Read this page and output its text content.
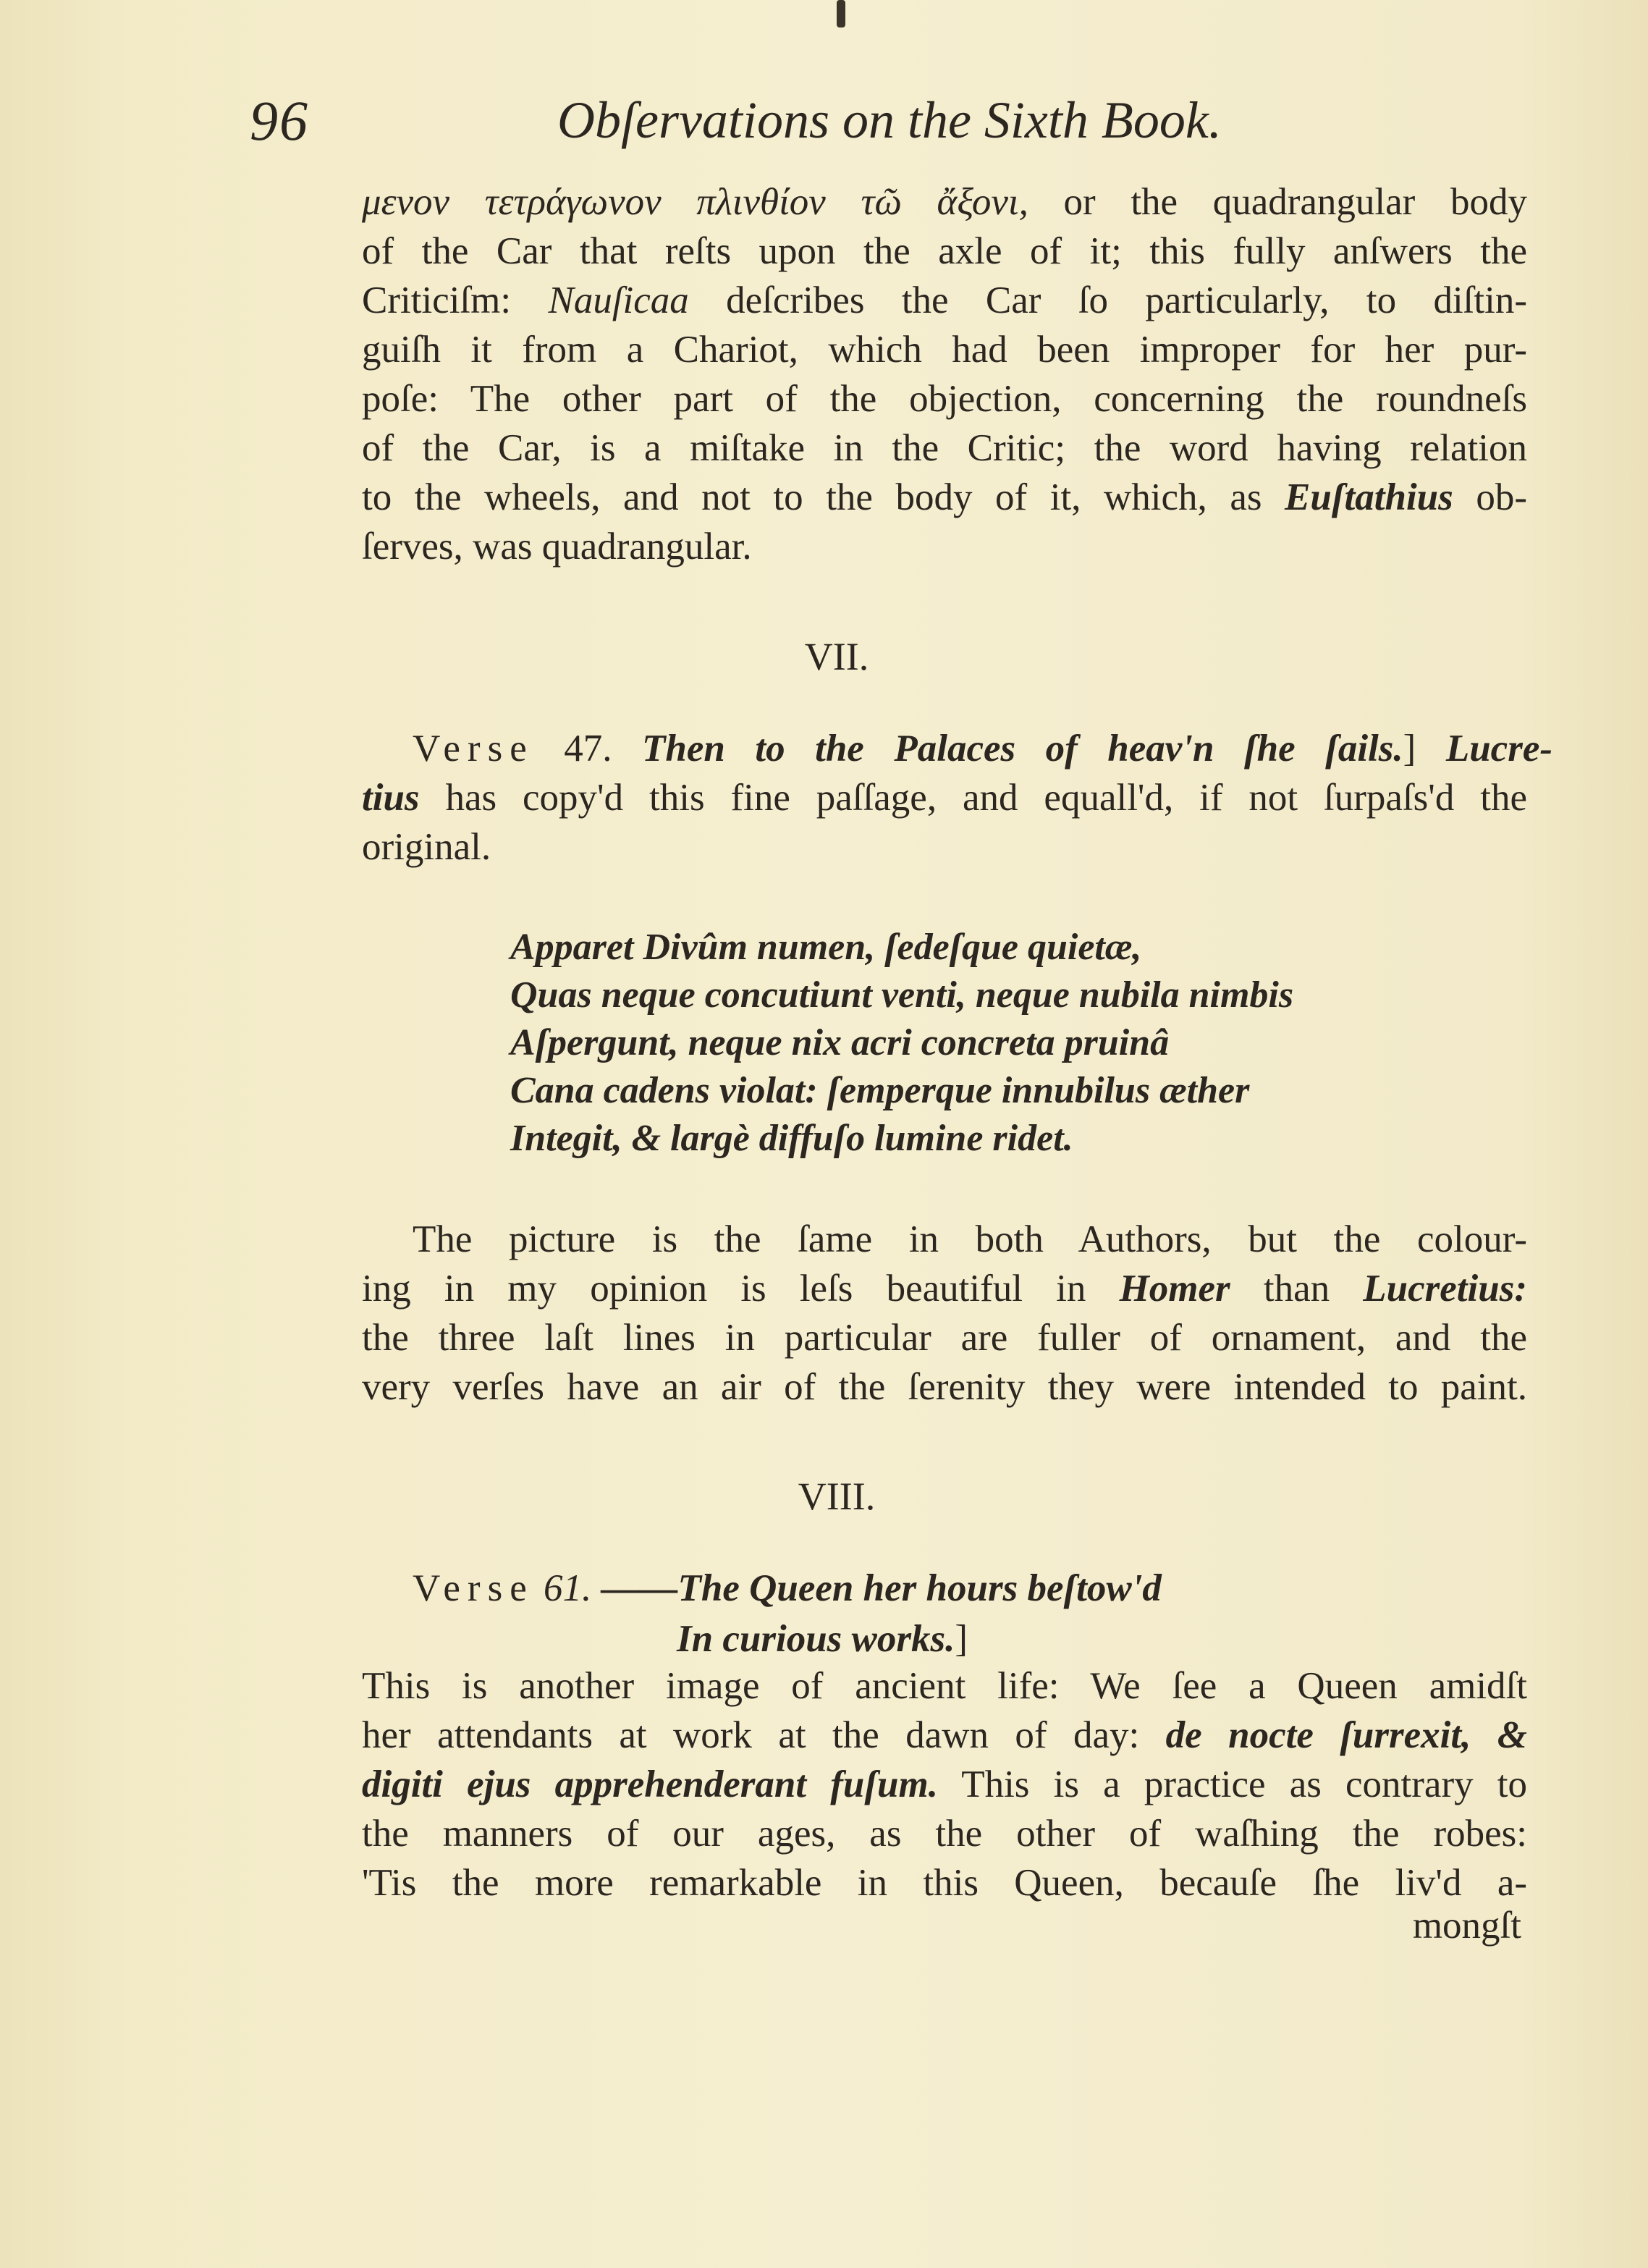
96	Obſervations on the Sixth Book.
μενον τετράγωνον πλινθίον τῶ ἄξονι, or the quadrangular body
of the Car that reſts upon the axle of it; this fully anſwers the
Criticiſm: Nauſicaa deſcribes the Car ſo particularly, to diſtin-
guiſh it from a Chariot, which had been improper for her pur-
poſe: The other part of the objection, concerning the roundneſs
of the Car, is a miſtake in the Critic; the word having relation
to the wheels, and not to the body of it, which, as Euſtathius ob-
ſerves, was quadrangular.
VII.
Verse 47. Then to the Palaces of heav'n ſhe ſails.] Lucre-
tius has copy'd this fine paſſage, and equall'd, if not ſurpaſs'd the
original.
Apparet Divûm numen, ſedeſque quietæ,
Quas neque concutiunt venti, neque nubila nimbis
Aſpergunt, neque nix acri concreta pruinâ
Cana cadens violat: ſemperque innubilus æther
Integit, & largè diffuſo lumine ridet.
The picture is the ſame in both Authors, but the colour-
ing in my opinion is leſs beautiful in Homer than Lucretius:
the three laſt lines in particular are fuller of ornament, and the
very verſes have an air of the ſerenity they were intended to paint.
VIII.
Verse 61. ——The Queen her hours beſtow'd
In curious works.]
This is another image of ancient life: We ſee a Queen amidſt
her attendants at work at the dawn of day: de nocte ſurrexit, &
digiti ejus apprehenderant fuſum. This is a practice as contrary to
the manners of our ages, as the other of waſhing the robes:
'Tis the more remarkable in this Queen, becauſe ſhe liv'd a-
mongſt
